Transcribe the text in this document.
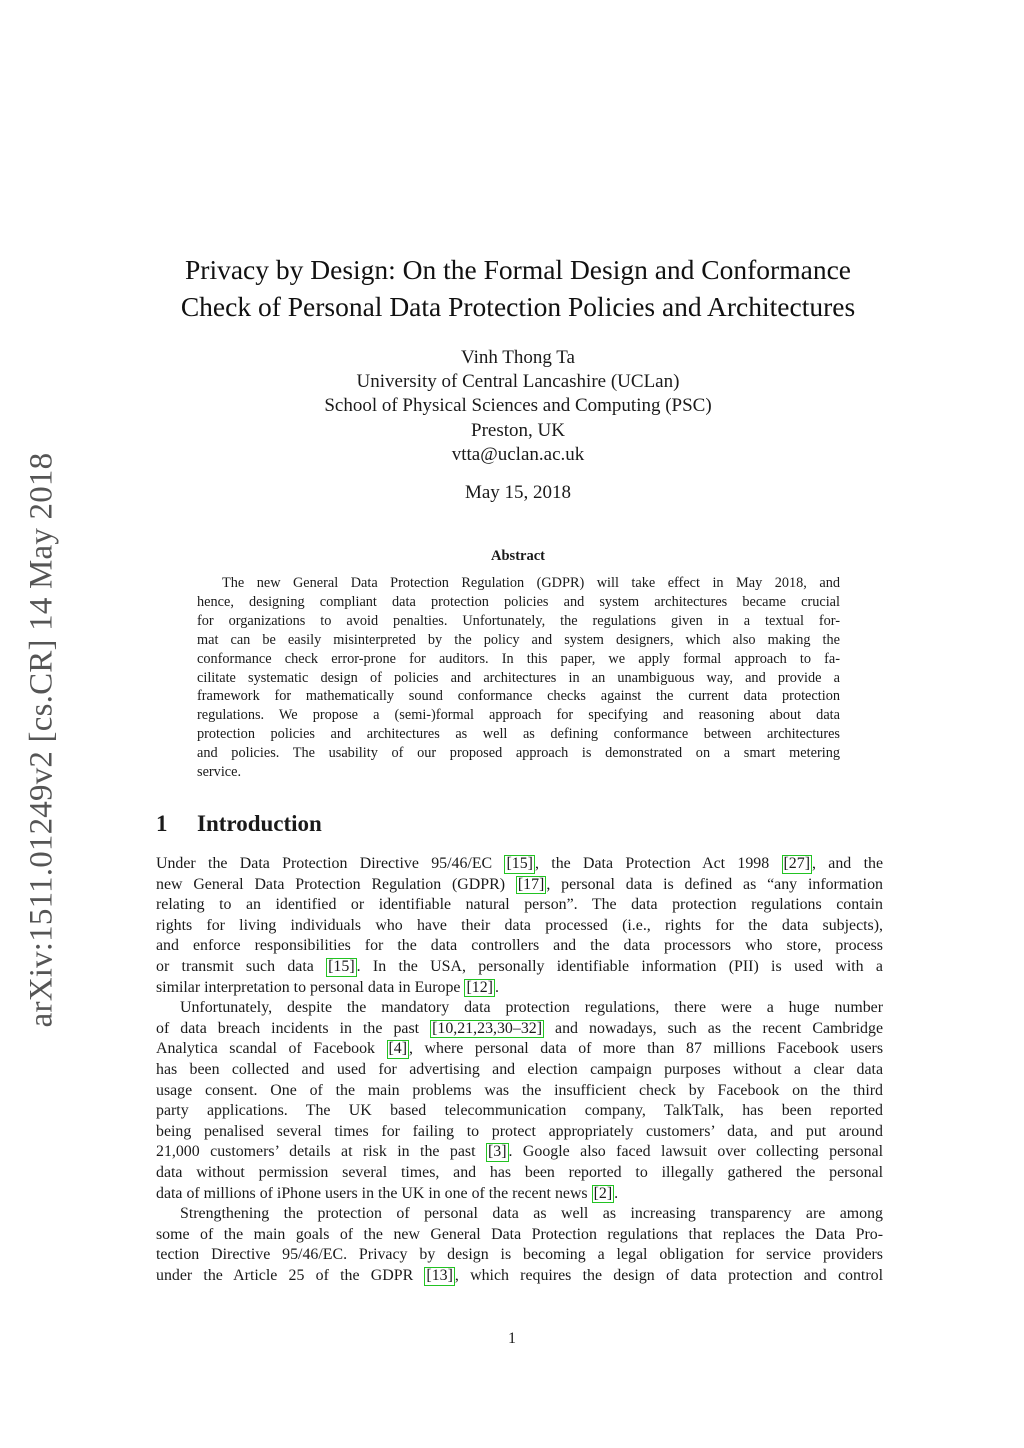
arXiv:1511.01249v2 [cs.CR] 14 May 2018
Privacy by Design: On the Formal Design and Conformance
Check of Personal Data Protection Policies and Architectures
Vinh Thong Ta
University of Central Lancashire (UCLan)
School of Physical Sciences and Computing (PSC)
Preston, UK
vtta@uclan.ac.uk
May 15, 2018
Abstract
The new General Data Protection Regulation (GDPR) will take effect in May 2018, and
hence, designing compliant data protection policies and system architectures became crucial
for organizations to avoid penalties. Unfortunately, the regulations given in a textual for-
mat can be easily misinterpreted by the policy and system designers, which also making the
conformance check error-prone for auditors. In this paper, we apply formal approach to fa-
cilitate systematic design of policies and architectures in an unambiguous way, and provide a
framework for mathematically sound conformance checks against the current data protection
regulations. We propose a (semi-)formal approach for specifying and reasoning about data
protection policies and architectures as well as defining conformance between architectures
and policies. The usability of our proposed approach is demonstrated on a smart metering
service.
1 Introduction
Under the Data Protection Directive 95/46/EC [15] , the Data Protection Act 1998 [27] , and the
new General Data Protection Regulation (GDPR) [17] , personal data is defined as “any information
relating to an identified or identifiable natural person”. The data protection regulations contain
rights for living individuals who have their data processed (i.e., rights for the data subjects),
and enforce responsibilities for the data controllers and the data processors who store, process
or transmit such data [15] . In the USA, personally identifiable information (PII) is used with a
similar interpretation to personal data in Europe [12] .
Unfortunately, despite the mandatory data protection regulations, there were a huge number
of data breach incidents in the past [10,21,23,30–32] and nowadays, such as the recent Cambridge
Analytica scandal of Facebook [4] , where personal data of more than 87 millions Facebook users
has been collected and used for advertising and election campaign purposes without a clear data
usage consent. One of the main problems was the insufficient check by Facebook on the third
party applications. The UK based telecommunication company, TalkTalk, has been reported
being penalised several times for failing to protect appropriately customers’ data, and put around
21,000 customers’ details at risk in the past [3] . Google also faced lawsuit over collecting personal
data without permission several times, and has been reported to illegally gathered the personal
data of millions of iPhone users in the UK in one of the recent news [2] .
Strengthening the protection of personal data as well as increasing transparency are among
some of the main goals of the new General Data Protection regulations that replaces the Data Pro-
tection Directive 95/46/EC. Privacy by design is becoming a legal obligation for service providers
under the Article 25 of the GDPR [13] , which requires the design of data protection and control
1
